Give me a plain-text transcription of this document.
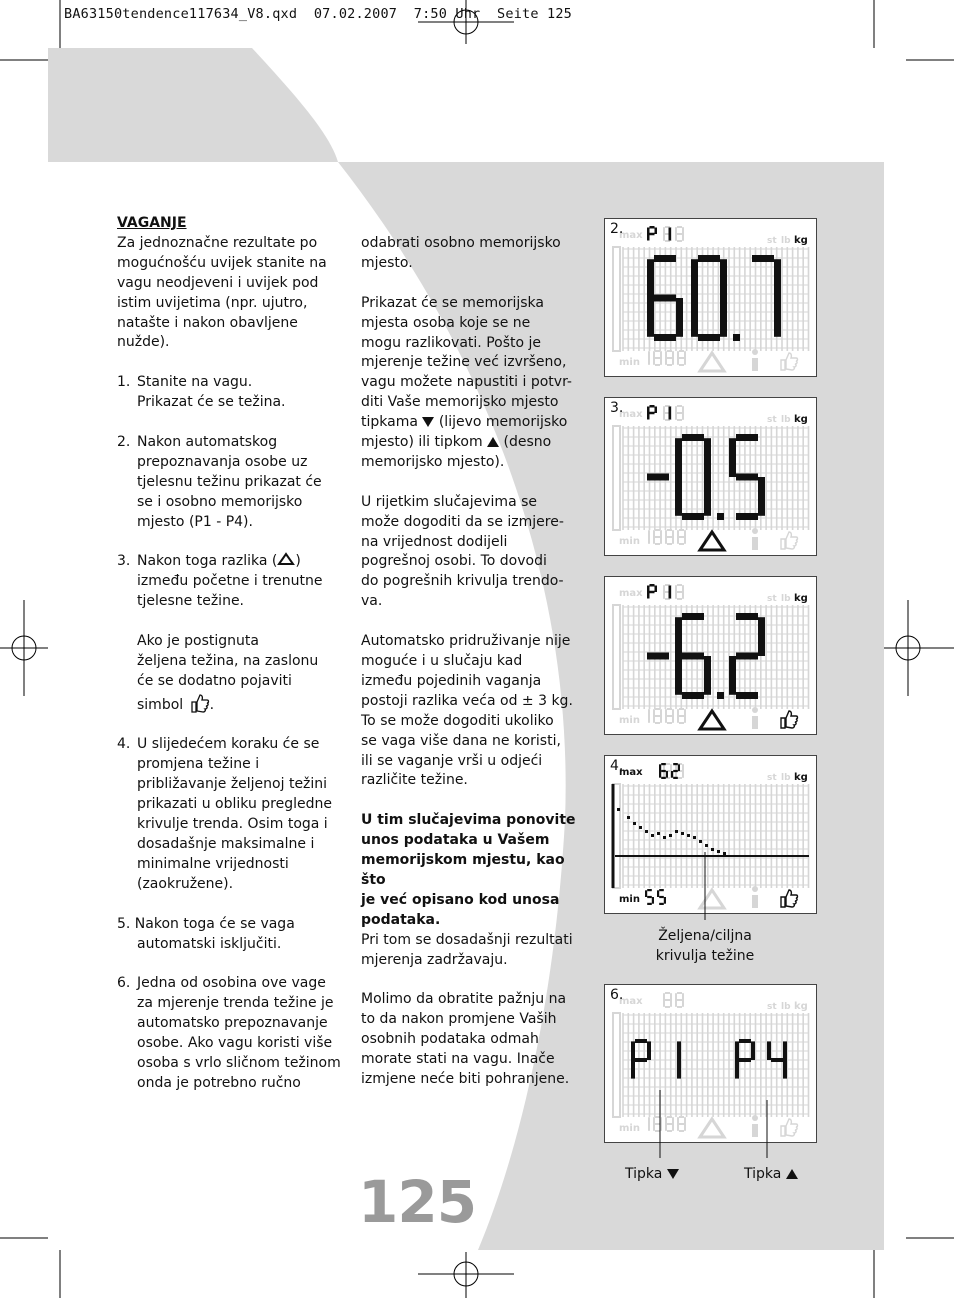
BA63150tendence117634_V8.qxd  07.02.2007  7:50 Uhr  Seite 125

VAGANJE

Za jednoznačne rezultate po

mogućnošću uvijek stanite na

vagu neodjeveni i uvijek pod

istim uvijetima (npr. ujutro,

natašte i nakon obavljene

nužde).

1. Stanite na vagu.

Prikazat će se težina.

2. Nakon automatskog

prepoznavanja osobe uz

tjelesnu težinu prikazat će

se i osobno memorijsko

mjesto (P1 - P4).

3. Nakon toga razlika ( )

između početne i trenutne

tjelesne težine.

Ako je postignuta

željena težina, na zaslonu

će se dodatno pojaviti

simbol .

4. U slijedećem koraku će se

promjena težine i

približavanje željenoj težini

prikazati u obliku pregledne

krivulje trenda. Osim toga i

dosadašnje maksimalne i

minimalne vrijednosti

(zaokružene).

5. Nakon toga će se vaga

automatski isključiti.

6. Jedna od osobina ove vage

za mjerenje trenda težine je

automatsko prepoznavanje

osobe. Ako vagu koristi više

osoba s vrlo sličnom težinom

onda je potrebno ručno

odabrati osobno memorijsko

mjesto.

Prikazat će se memorijska

mjesta osoba koje se ne

mogu razlikovati. Pošto je

mjerenje težine već izvršeno,

vagu možete napustiti i potvr-

diti Vaše memorijsko mjesto

tipkama (lijevo memorijsko

mjesto) ili tipkom (desno

memorijsko mjesto).

U rijetkim slučajevima se

može dogoditi da se izmjere-

na vrijednost dodijeli

pogrešnoj osobi. To dovodi

do pogrešnih krivulja trendo-

va.

Automatsko pridruživanje nije

moguće i u slučaju kad

između pojedinih vaganja

postoji razlika veća od ± 3 kg.

To se može dogoditi ukoliko

se vaga više dana ne koristi,

ili se vaganje vrši u odjeći

različite težine.

U tim slučajevima ponovite

unos podataka u Vašem

memorijskom mjestu, kao što

je već opisano kod unosa

podataka.

Pri tom se dosadašnji rezultati

mjerenja zadržavaju.

Molimo da obratite pažnju na

to da nakon promjene Vaših

osobnih podataka odmah

morate stati na vagu. Inače

izmjene neće biti pohranjene.

max	st lb kg
min
2.
max	st lb kg
min
3.
max	st lb kg
min
max	st lb kg
min
4.
max	st lb kg
min
6.
Željena/ciljna
krivulja težine
Tipka	Tipka
125
